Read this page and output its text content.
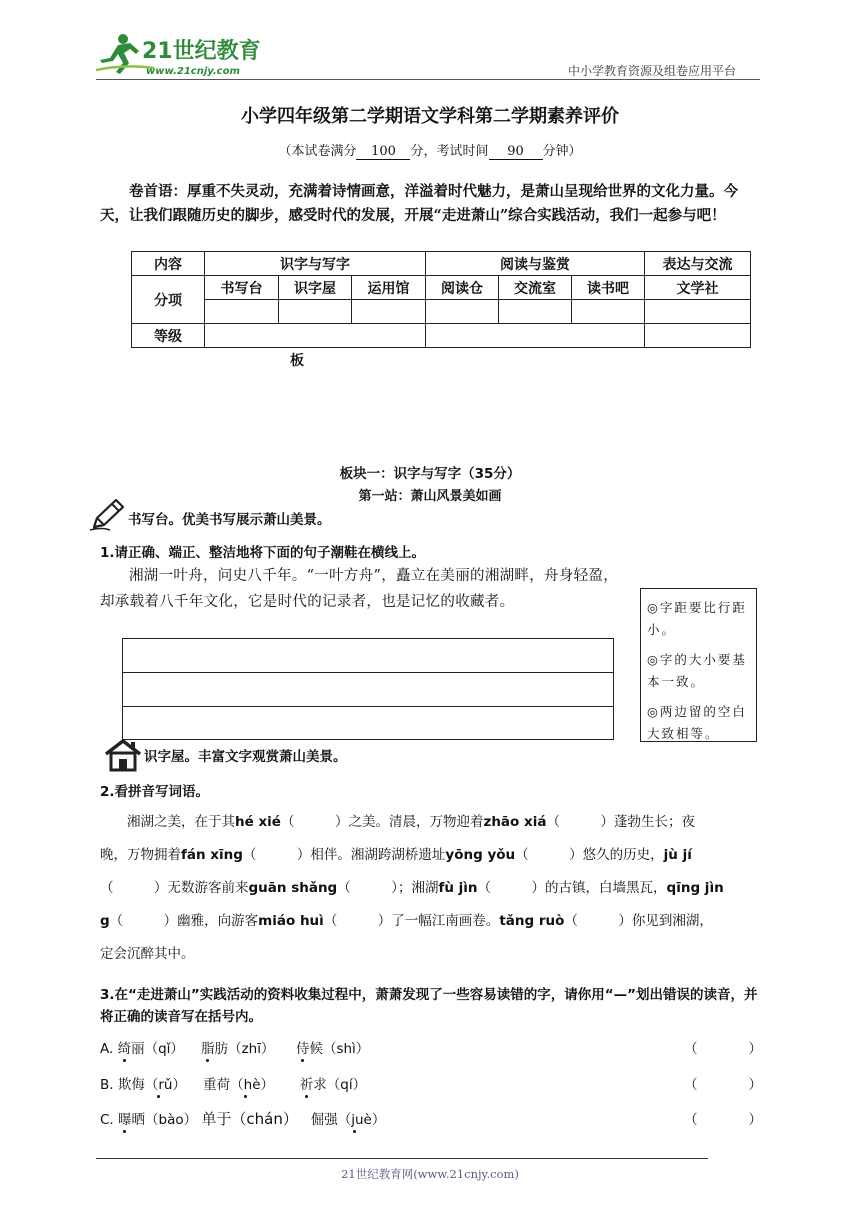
21世纪教育
www.21cnjy.com	中小学教育资源及组卷应用平台
小学四年级第二学期语文学科第二学期素养评价
（本试卷满分 100 分，考试时间 90 分钟）
卷首语：厚重不失灵动，充满着诗情画意，洋溢着时代魅力，是萧山呈现给世界的文化力量。今天，让我们跟随历史的脚步，感受时代的发展，开展“走进萧山”综合实践活动，我们一起参与吧！
内容	识字与写字			阅读与鉴赏			表达与交流
分项	书写台	识字屋	运用馆	阅读仓	交流室	读书吧	文学社

等级							
板
板块一：识字与写字（35分）
第一站：萧山风景美如画
书写台。优美书写展示萧山美景。
1.请正确、端正、整洁地将下面的句子潮鞋在横线上。
湘湖一叶舟，问史八千年。“一叶方舟”，矗立在美丽的湘湖畔，舟身轻盈，却承载着八千年文化，它是时代的记录者，也是记忆的收藏者。	◎字距要比行距小。

◎字的大小要基本一致。

◎两边留的空白大致相等。

识字屋。丰富文字观赏萧山美景。
2.看拼音写词语。
湘湖之美，在于其hé xié（　　　）之美。清晨，万物迎着zhāo xiá（　　　）蓬勃生长；夜
晚，万物拥着fán xīng（　　　）相伴。湘湖跨湖桥遗址yōng yǒu（　　　）悠久的历史，jù jí
（　　　）无数游客前来guān shǎng（　　　）；湘湖fù jìn（　　　）的古镇，白墙黑瓦，qīng jìn
g（　　　）幽雅，向游客miáo huì（　　　）了一幅江南画卷。tǎng ruò（　　　）你见到湘湖，
定会沉醉其中。
3.在“走进萧山”实践活动的资料收集过程中，萧萧发现了一些容易读错的字，请你用“—”划出错误的读音，并将正确的读音写在括号内。
A. 绮丽（qǐ） 脂肪（zhī） 侍候（shì）	（	）
B. 欺侮（rǔ） 重荷（hè） 祈求（qí）	（	）
C. 曝晒（bào） 单于（chán） 倔强（juè）	（	）
21世纪教育网(www.21cnjy.com)
